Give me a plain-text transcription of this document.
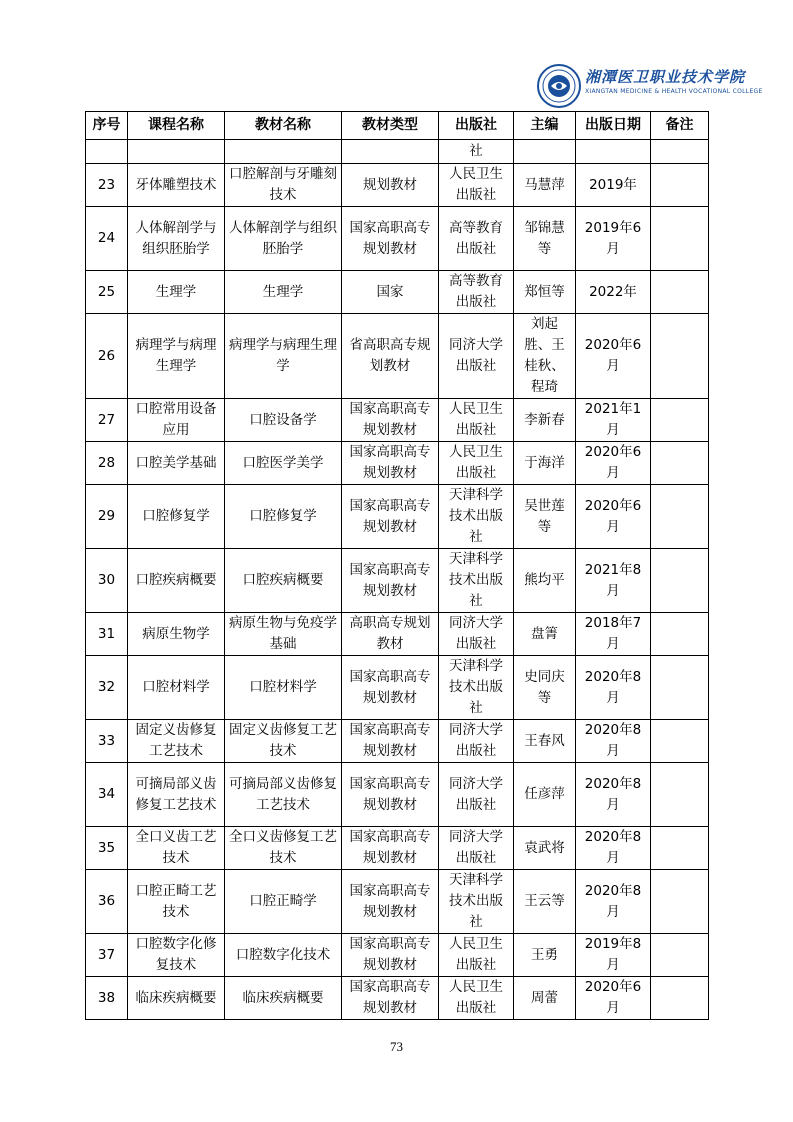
湘潭医卫职业技术学院
XIANGTAN MEDICINE & HEALTH VOCATIONAL COLLEGE
序号	课程名称	教材名称	教材类型	出版社	主编	出版日期	备注
				社			
23	牙体雕塑技术	口腔解剖与牙雕刻技术	规划教材	人民卫生出版社	马慧萍	2019年	
24	人体解剖学与组织胚胎学	人体解剖学与组织胚胎学	国家高职高专规划教材	高等教育出版社	邹锦慧等	2019年6月	
25	生理学	生理学	国家	高等教育出版社	郑恒等	2022年	
26	病理学与病理生理学	病理学与病理生理学	省高职高专规划教材	同济大学出版社	刘起胜、王桂秋、程琦	2020年6月	
27	口腔常用设备应用	口腔设备学	国家高职高专规划教材	人民卫生出版社	李新春	2021年1月	
28	口腔美学基础	口腔医学美学	国家高职高专规划教材	人民卫生出版社	于海洋	2020年6月	
29	口腔修复学	口腔修复学	国家高职高专规划教材	天津科学技术出版社	吴世莲等	2020年6月	
30	口腔疾病概要	口腔疾病概要	国家高职高专规划教材	天津科学技术出版社	熊均平	2021年8月	
31	病原生物学	病原生物与免疫学基础	高职高专规划教材	同济大学出版社	盘箐	2018年7月	
32	口腔材料学	口腔材料学	国家高职高专规划教材	天津科学技术出版社	史同庆等	2020年8月	
33	固定义齿修复工艺技术	固定义齿修复工艺技术	国家高职高专规划教材	同济大学出版社	王春风	2020年8月	
34	可摘局部义齿修复工艺技术	可摘局部义齿修复工艺技术	国家高职高专规划教材	同济大学出版社	任彦萍	2020年8月	
35	全口义齿工艺技术	全口义齿修复工艺技术	国家高职高专规划教材	同济大学出版社	袁武将	2020年8月	
36	口腔正畸工艺技术	口腔正畸学	国家高职高专规划教材	天津科学技术出版社	王云等	2020年8月	
37	口腔数字化修复技术	口腔数字化技术	国家高职高专规划教材	人民卫生出版社	王勇	2019年8月	
38	临床疾病概要	临床疾病概要	国家高职高专规划教材	人民卫生出版社	周蕾	2020年6月	
73
